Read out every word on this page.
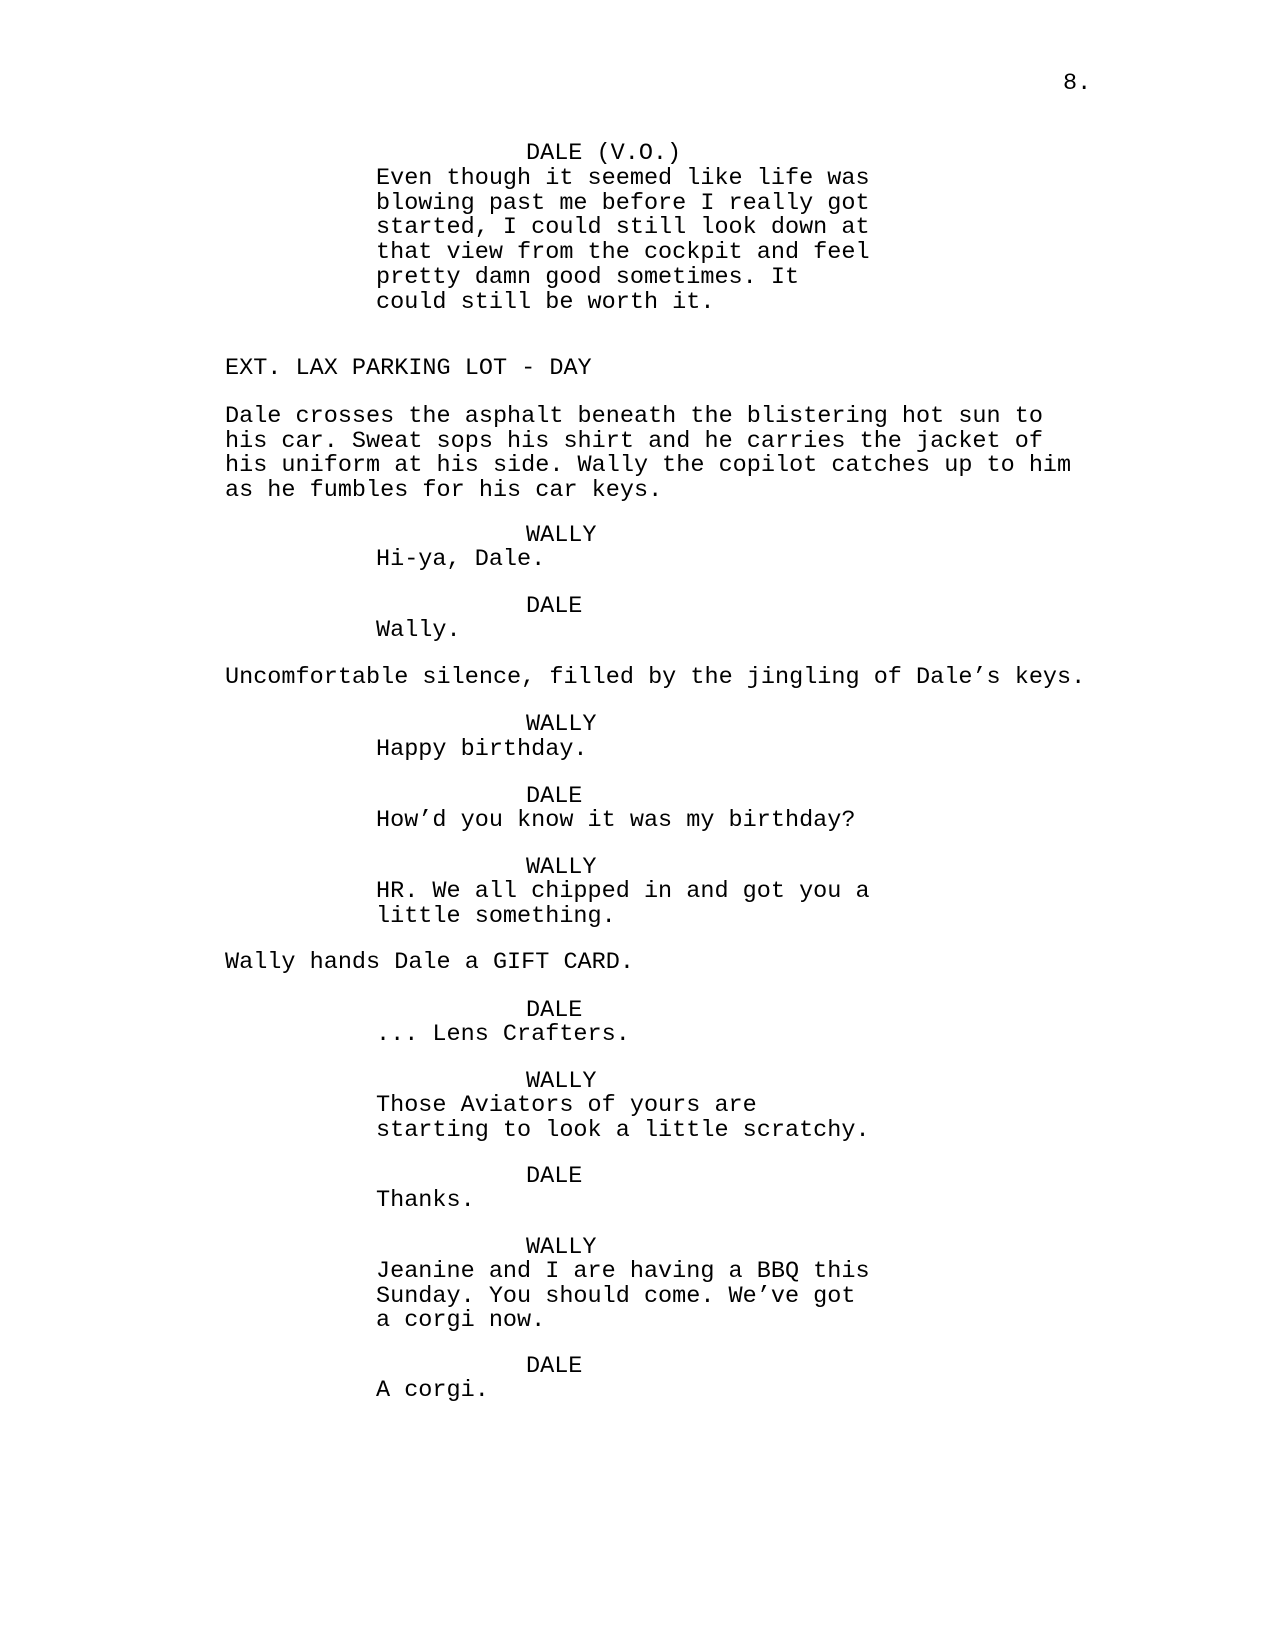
8.
DALE (V.O.)
Even though it seemed like life was
blowing past me before I really got
started, I could still look down at
that view from the cockpit and feel
pretty damn good sometimes. It
could still be worth it.
EXT. LAX PARKING LOT - DAY
Dale crosses the asphalt beneath the blistering hot sun to
his car. Sweat sops his shirt and he carries the jacket of
his uniform at his side. Wally the copilot catches up to him
as he fumbles for his car keys.
WALLY
Hi-ya, Dale.
DALE
Wally.
Uncomfortable silence, filled by the jingling of Dale’s keys.
WALLY
Happy birthday.
DALE
How’d you know it was my birthday?
WALLY
HR. We all chipped in and got you a
little something.
Wally hands Dale a GIFT CARD.
DALE
... Lens Crafters.
WALLY
Those Aviators of yours are
starting to look a little scratchy.
DALE
Thanks.
WALLY
Jeanine and I are having a BBQ this
Sunday. You should come. We’ve got
a corgi now.
DALE
A corgi.
